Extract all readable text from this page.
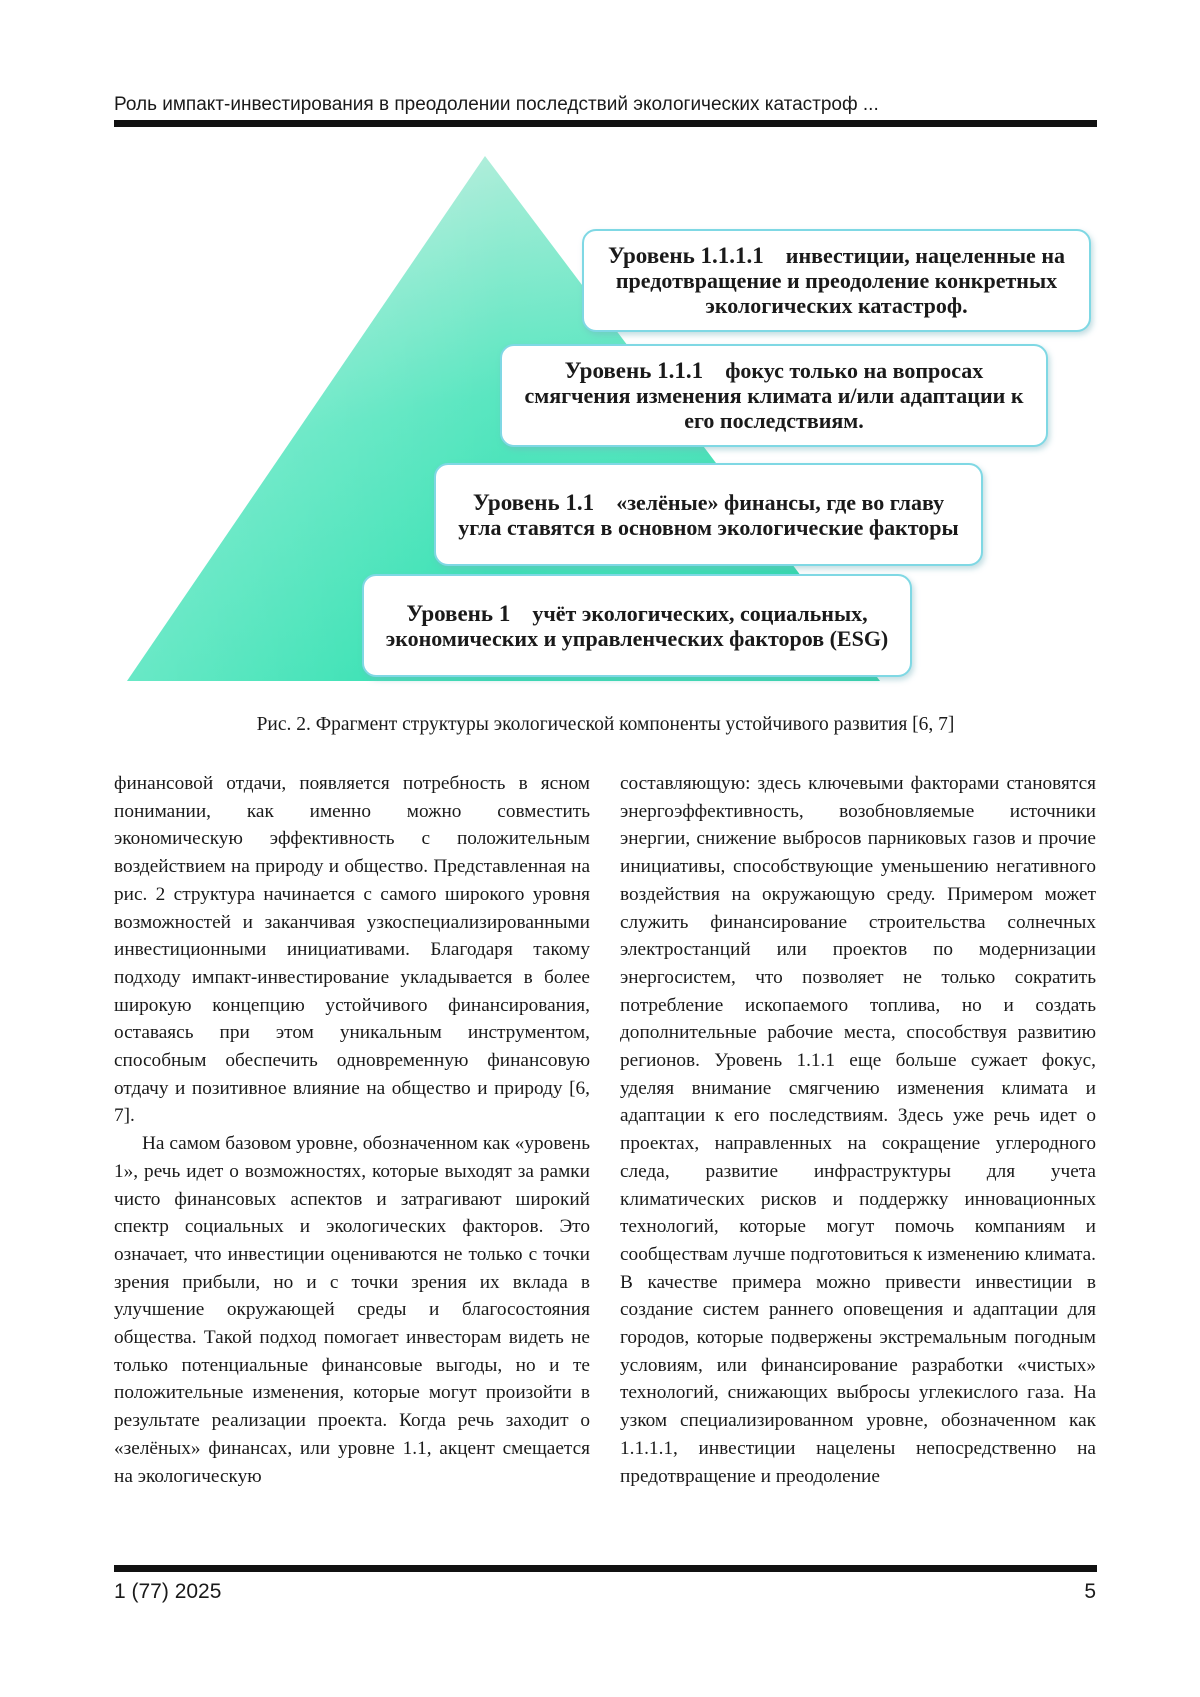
Роль импакт-инвестирования в преодолении последствий экологических катастроф ...
Уровень 1.1.1.1 инвестиции, нацеленные на предотвращение и преодоление конкретных экологических катастроф.
Уровень 1.1.1 фокус только на вопросах смягчения изменения климата и/или адаптации к его последствиям.
Уровень 1.1 «зелёные» финансы, где во главу угла ставятся в основном экологические факторы
Уровень 1 учёт экологических, социальных, экономических и управленческих факторов (ESG)
Рис. 2. Фрагмент структуры экологической компоненты устойчивого развития [6, 7]

финансовой отдачи, появляется потребность в ясном понимании, как именно можно совместить экономическую эффективность с положительным воздействием на природу и общество. Представленная на рис. 2 структура начинается с самого широкого уровня возможностей и заканчивая узкоспециализированными инвестиционными инициативами. Благодаря такому подходу импакт-инвестирование укладывается в более широкую концепцию устойчивого финансирования, оставаясь при этом уникальным инструментом, способным обеспечить одновременную финансовую отдачу и позитивное влияние на общество и природу [6, 7].

На самом базовом уровне, обозначенном как «уровень 1», речь идет о возможностях, которые выходят за рамки чисто финансовых аспектов и затрагивают широкий спектр социальных и экологических факторов. Это означает, что инвестиции оцениваются не только с точки зрения прибыли, но и с точки зрения их вклада в улучшение окружающей среды и благосостояния общества. Такой подход помогает инвесторам видеть не только потенциальные финансовые выгоды, но и те положительные изменения, которые могут произойти в результате реализации проекта. Когда речь заходит о «зелёных» финансах, или уровне 1.1, акцент смещается на экологическую

составляющую: здесь ключевыми факторами становятся энергоэффективность, возобновляемые источники энергии, снижение выбросов парниковых газов и прочие инициативы, способствующие уменьшению негативного воздействия на окружающую среду. Примером может служить финансирование строительства солнечных электростанций или проектов по модернизации энергосистем, что позволяет не только сократить потребление ископаемого топлива, но и создать дополнительные рабочие места, способствуя развитию регионов. Уровень 1.1.1 еще больше сужает фокус, уделяя внимание смягчению изменения климата и адаптации к его последствиям. Здесь уже речь идет о проектах, направленных на сокращение углеродного следа, развитие инфраструктуры для учета климатических рисков и поддержку инновационных технологий, которые могут помочь компаниям и сообществам лучше подготовиться к изменению климата. В качестве примера можно привести инвестиции в создание систем раннего оповещения и адаптации для городов, которые подвержены экстремальным погодным условиям, или финансирование разработки «чистых» технологий, снижающих выбросы углекислого газа. На узком специализированном уровне, обозначенном как 1.1.1.1, инвестиции нацелены непосредственно на предотвращение и преодоление

1 (77) 2025	5
